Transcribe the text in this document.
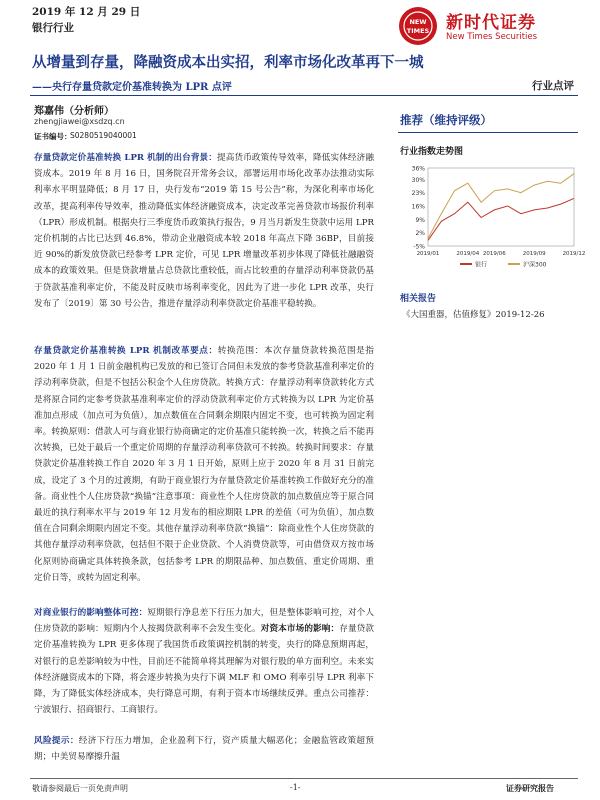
2019 年 12 月 29 日
银行行业	NEW
TIMES 新时代证券
New Times Securities
从增量到存量，降融资成本出实招，利率市场化改革再下一城
——央行存量贷款定价基准转换为 LPR 点评	行业点评
郑嘉伟（分析师）
zhengjiawei@xsdzq.cn
证书编号：
S0280519040001
推荐（维持评级）
行业指数走势图
-5%
2%
9%
16%
23%
30%
36%
2019/01	2019/04 2019/06	2019/09	2019/12
银行	沪深300
相关报告
《大国重器，估值修复》2019-12-26
存量贷款定价基准转换 LPR 机制的出台背景：提高货币政策传导效率，降低实体经济融资成本。2019 年 8 月 16 日，国务院召开常务会议，部署运用市场化改革办法推动实际利率水平明显降低；8 月 17 日，央行发布“2019 第 15 号公告”称，为深化利率市场化改革，提高利率传导效率，推动降低实体经济融资成本，决定改革完善贷款市场报价利率（LPR）形成机制。根据央行三季度货币政策执行报告，9 月当月新发生贷款中运用 LPR 定价机制的占比已达到 46.8%，带动企业融资成本较 2018 年高点下降 36BP，目前接近 90%的新发放贷款已经参考 LPR 定价，可见 LPR 增量改革初步体现了降低社融融资成本的政策效果。但是贷款增量占总贷款比重较低，而占比较重的存量浮动利率贷款仍基于贷款基准利率定价，不能及时反映市场利率变化，因此为了进一步化 LPR 改革，央行发布了〔2019〕第 30 号公告，推进存量浮动利率贷款定价基准平稳转换。
存量贷款定价基准转换 LPR 机制改革要点：转换范围：本次存量贷款转换范围是指 2020 年 1 月 1 日前金融机构已发放的和已签订合同但未发放的参考贷款基准利率定价的浮动利率贷款，但是不包括公积金个人住房贷款。转换方式：存量浮动利率贷款转化方式是将原合同约定参考贷款基准利率定价的浮动贷款利率定价方式转换为以 LPR 为定价基准加点形成（加点可为负值），加点数值在合同剩余期限内固定不变，也可转换为固定利率。转换原则：借款人可与商业银行协商确定的定价基准只能转换一次，转换之后不能再次转换，已处于最后一个重定价周期的存量浮动利率贷款可不转换。转换时间要求：存量贷款定价基准转换工作自 2020 年 3 月 1 日开始，原则上应于 2020 年 8 月 31 日前完成，设定了 3 个月的过渡期，有助于商业银行为存量贷款定价基准转换工作做好充分的准备。商业性个人住房贷款“换锚”注意事项：商业性个人住房贷款的加点数值应等于原合同最近的执行利率水平与 2019 年 12 月发布的相应期限 LPR 的差值（可为负值），加点数值在合同剩余期限内固定不变。其他存量浮动利率贷款“换锚”：除商业性个人住房贷款的其他存量浮动利率贷款，包括但不限于企业贷款、个人消费贷款等，可由借贷双方按市场化原则协商确定具体转换条款，包括参考 LPR 的期限品种、加点数值、重定价周期、重定价日等，或转为固定利率。
对商业银行的影响整体可控：短期银行净息差下行压力加大，但是整体影响可控，对个人住房贷款的影响：短期内个人按揭贷款利率不会发生变化。对资本市场的影响：存量贷款定价基准转换为 LPR 更多体现了我国货币政策调控机制的转变，央行的降息预期再起，对银行的息差影响较为中性，目前还不能简单将其理解为对银行股的单方面利空。未来实体经济融资成本的下降，将会逐步转换为央行下调 MLF 和 OMO 利率引导 LPR 利率下降，为了降低实体经济成本，央行降息可期，有利于资本市场继续反弹。重点公司推荐：宁波银行、招商银行、工商银行。
风险提示：经济下行压力增加，企业盈利下行，资产质量大幅恶化；金融监管政策超预期；中美贸易摩擦升温
敬请参阅最后一页免责声明	-1-	证券研究报告
